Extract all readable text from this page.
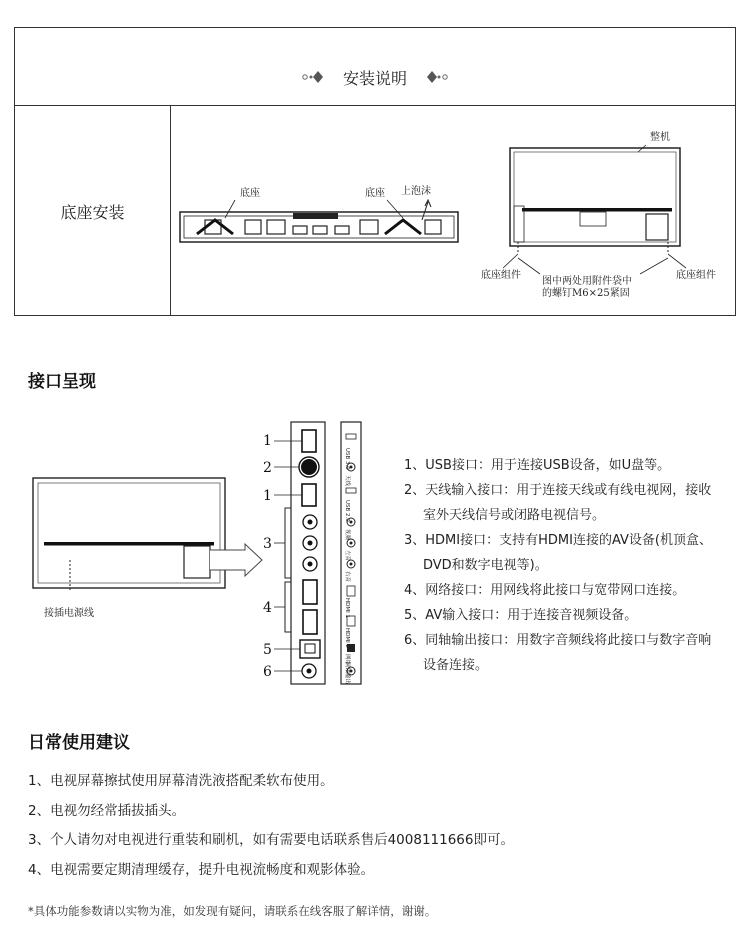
安装说明
底座安装
底座	底座 上泡沫
整机
底座组件	底座组件
图中两处用附件袋中
的螺钉M6×25紧固
接口呈现
接插电源线
USB 3.0
天线
USB 2.0
视频
左音
右音
HDMI 1
HDMI 2
网络
同轴输出
1
2
1
3
4
5
6
1、USB接口：用于连接USB设备，如U盘等。
2、天线输入接口：用于连接天线或有线电视网，接收
室外天线信号或闭路电视信号。
3、HDMI接口：支持有HDMI连接的AV设备(机顶盒、
DVD和数字电视等)。
4、网络接口：用网线将此接口与宽带网口连接。
5、AV输入接口：用于连接音视频设备。
6、同轴输出接口：用数字音频线将此接口与数字音响
设备连接。
日常使用建议
1、电视屏幕擦拭使用屏幕清洗液搭配柔软布使用。
2、电视勿经常插拔插头。
3、个人请勿对电视进行重装和刷机，如有需要电话联系售后4008111666即可。
4、电视需要定期清理缓存，提升电视流畅度和观影体验。
*具体功能参数请以实物为准，如发现有疑问，请联系在线客服了解详情，谢谢。
